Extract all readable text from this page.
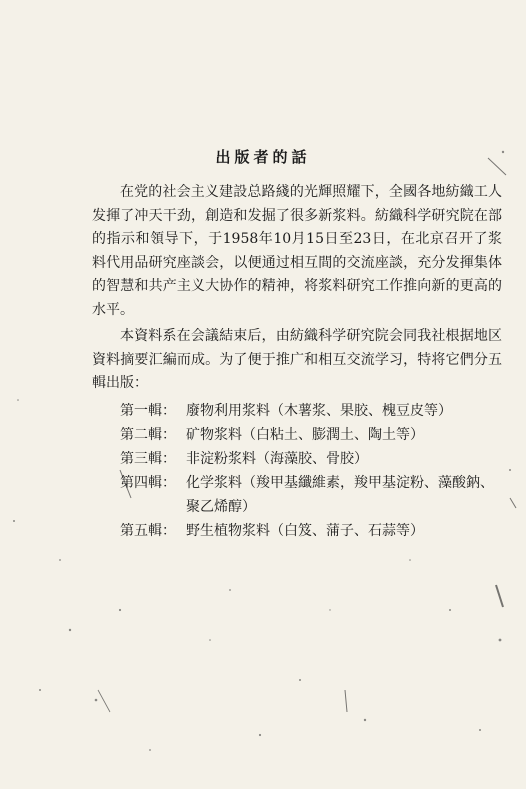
出版者的話

在党的社会主义建設总路綫的光輝照耀下，全國各地紡織工人发揮了冲天干劲，創造和发掘了很多新浆料。紡織科学研究院在部的指示和領导下，于1958年10月15日至23日，在北京召开了浆料代用品研究座談会，以便通过相互間的交流座談，充分发揮集体的智慧和共产主义大协作的精神，将浆料研究工作推向新的更高的水平。

本資料系在会議結束后，由紡織科学研究院会同我社根据地区資料摘要汇編而成。为了便于推广和相互交流学习，特将它們分五輯出版：

第一輯： 廢物利用浆料（木薯浆、果胶、槐豆皮等）
第二輯： 矿物浆料（白粘土、膨潤土、陶土等）
第三輯： 非淀粉浆料（海藻胶、骨胶）
第四輯： 化学浆料（羧甲基纖維素，羧甲基淀粉、藻酸鈉、聚乙烯醇）
第五輯： 野生植物浆料（白笈、蒲子、石蒜等）
